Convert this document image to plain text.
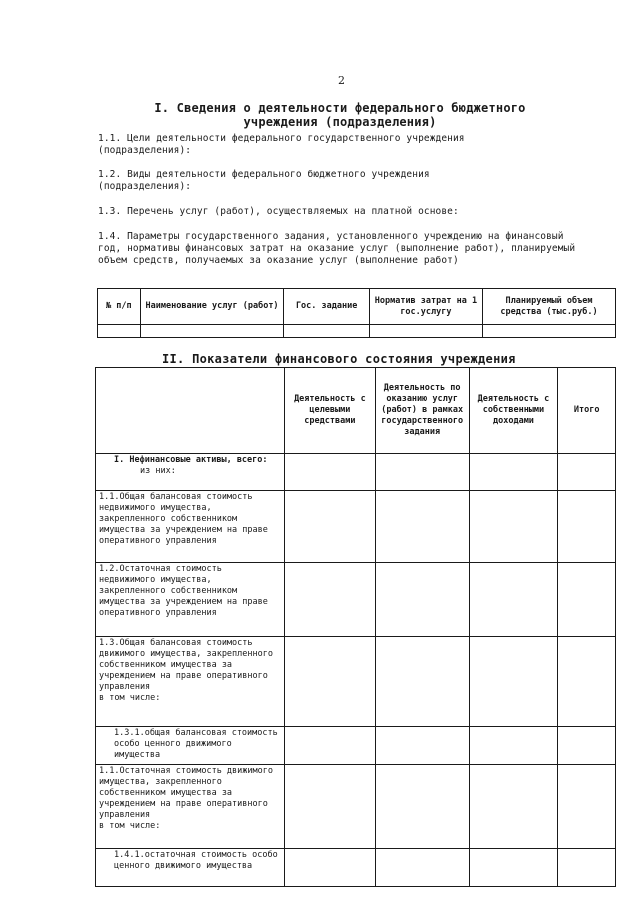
2
I. Сведения о деятельности федерального бюджетного учреждения (подразделения)
1.1. Цели деятельности федерального государственного учреждения
(подразделения):
1.2. Виды деятельности федерального бюджетного учреждения
(подразделения):
1.3. Перечень услуг (работ), осуществляемых на платной основе:
1.4. Параметры государственного задания, установленного учреждению на финансовый год, нормативы финансовых затрат на оказание услуг (выполнение работ), планируемый объем средств, получаемых за оказание услуг (выполнение работ)
№ п/п	Наименование услуг (работ)	Гос. задание	Норматив затрат на 1 гос.услугу	Планируемый объем средства (тыс.руб.)

II. Показатели финансового состояния учреждения
	Деятельность с целевыми средствами	Деятельность по оказанию услуг (работ) в рамках государственного задания	Деятельность с собственными доходами	Итого
I. Нефинансовые активы, всего:
из них:				
1.1.Общая балансовая стоимость недвижимого имущества, закрепленного собственником имущества за учреждением на праве оперативного управления				
1.2.Остаточная стоимость недвижимого имущества, закрепленного собственником имущества за учреждением на праве оперативного управления				
1.3.Общая балансовая стоимость движимого имущества, закрепленного собственником имущества за учреждением на праве оперативного управления
в том числе:				
1.3.1.общая балансовая стоимость особо ценного движимого имущества				
1.1.Остаточная стоимость движимого имущества, закрепленного собственником имущества за учреждением на праве оперативного управления
в том числе:				
1.4.1.остаточная стоимость особо ценного движимого имущества				
